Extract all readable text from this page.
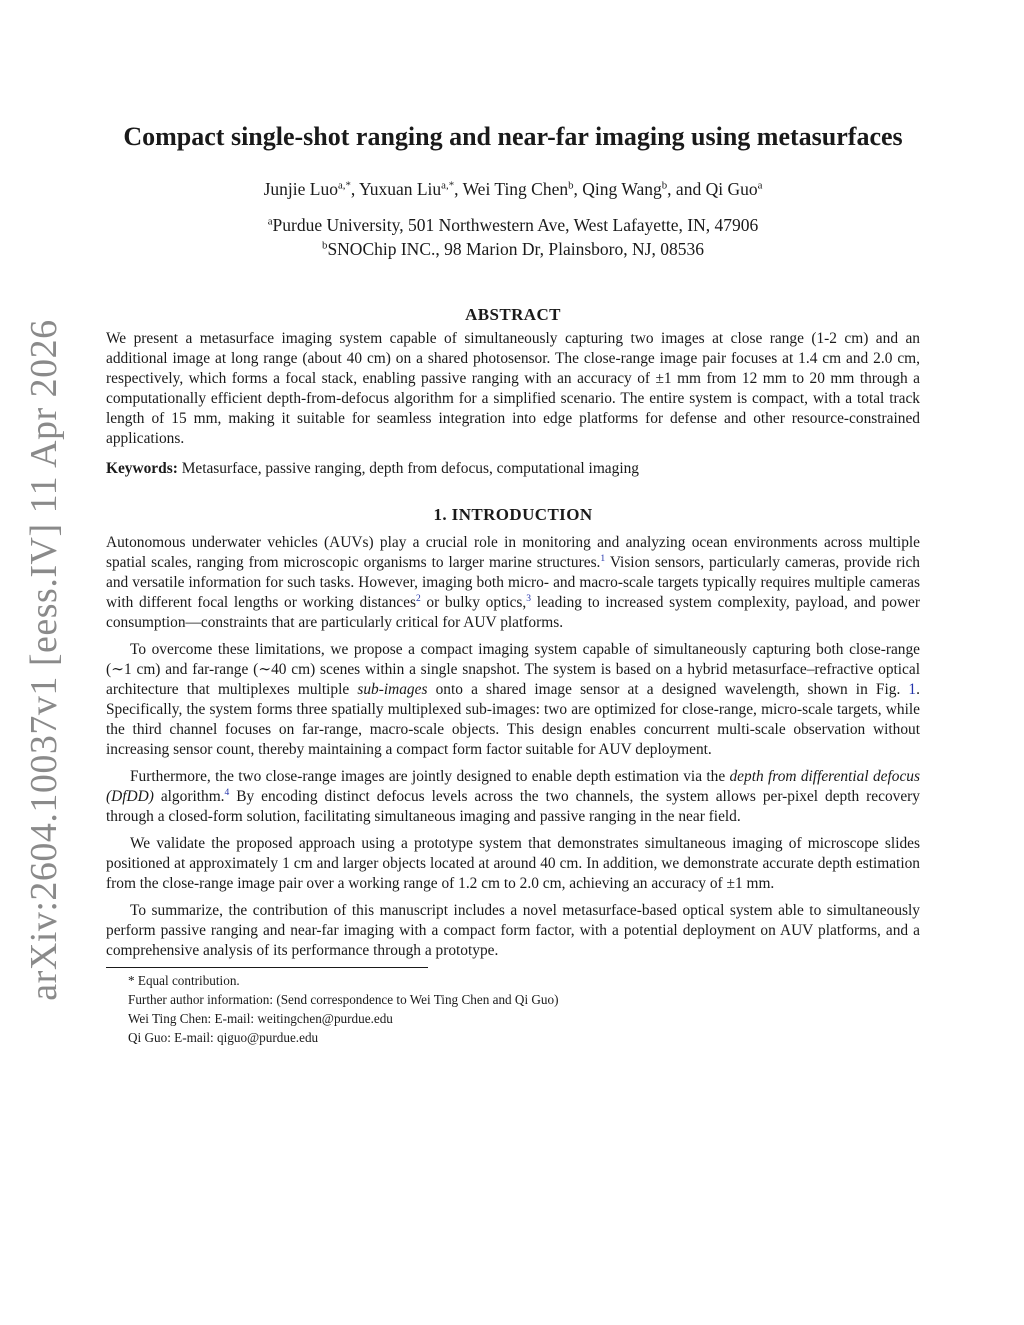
arXiv:2604.10037v1 [eess.IV] 11 Apr 2026
Compact single-shot ranging and near-far imaging using metasurfaces
Junjie Luo$^{a,*}$, Yuxuan Liu$^{a,*}$, Wei Ting Chen$^b$, Qing Wang$^b$, and Qi Guo$^a$
$^a$Purdue University, 501 Northwestern Ave, West Lafayette, IN, 47906
$^b$SNOChip INC., 98 Marion Dr, Plainsboro, NJ, 08536
ABSTRACT

We present a metasurface imaging system capable of simultaneously capturing two images at close range (1-2 cm) and an additional image at long range (about 40 cm) on a shared photosensor. The close-range image pair focuses at 1.4 cm and 2.0 cm, respectively, which forms a focal stack, enabling passive ranging with an accuracy of ±1 mm from 12 mm to 20 mm through a computationally efficient depth-from-defocus algorithm for a simplified scenario. The entire system is compact, with a total track length of 15 mm, making it suitable for seamless integration into edge platforms for defense and other resource-constrained applications.

Keywords: Metasurface, passive ranging, depth from defocus, computational imaging

1. INTRODUCTION

Autonomous underwater vehicles (AUVs) play a crucial role in monitoring and analyzing ocean environments across multiple spatial scales, ranging from microscopic organisms to larger marine structures.$^1$ Vision sensors, particularly cameras, provide rich and versatile information for such tasks. However, imaging both micro- and macro-scale targets typically requires multiple cameras with different focal lengths or working distances$^2$ or bulky optics,$^3$ leading to increased system complexity, payload, and power consumption—constraints that are particularly critical for AUV platforms.

To overcome these limitations, we propose a compact imaging system capable of simultaneously capturing both close-range (∼1 cm) and far-range (∼40 cm) scenes within a single snapshot. The system is based on a hybrid metasurface–refractive optical architecture that multiplexes multiple sub-images onto a shared image sensor at a designed wavelength, shown in Fig. 1. Specifically, the system forms three spatially multiplexed sub-images: two are optimized for close-range, micro-scale targets, while the third channel focuses on far-range, macro-scale objects. This design enables concurrent multi-scale observation without increasing sensor count, thereby maintaining a compact form factor suitable for AUV deployment.

Furthermore, the two close-range images are jointly designed to enable depth estimation via the depth from differential defocus (DfDD) algorithm.$^4$ By encoding distinct defocus levels across the two channels, the system allows per-pixel depth recovery through a closed-form solution, facilitating simultaneous imaging and passive ranging in the near field.

We validate the proposed approach using a prototype system that demonstrates simultaneous imaging of microscope slides positioned at approximately 1 cm and larger objects located at around 40 cm. In addition, we demonstrate accurate depth estimation from the close-range image pair over a working range of 1.2 cm to 2.0 cm, achieving an accuracy of ±1 mm.

To summarize, the contribution of this manuscript includes a novel metasurface-based optical system able to simultaneously perform passive ranging and near-far imaging with a compact form factor, with a potential deployment on AUV platforms, and a comprehensive analysis of its performance through a prototype.

* Equal contribution.
Further author information: (Send correspondence to Wei Ting Chen and Qi Guo)
Wei Ting Chen: E-mail: weitingchen@purdue.edu
Qi Guo: E-mail: qiguo@purdue.edu
